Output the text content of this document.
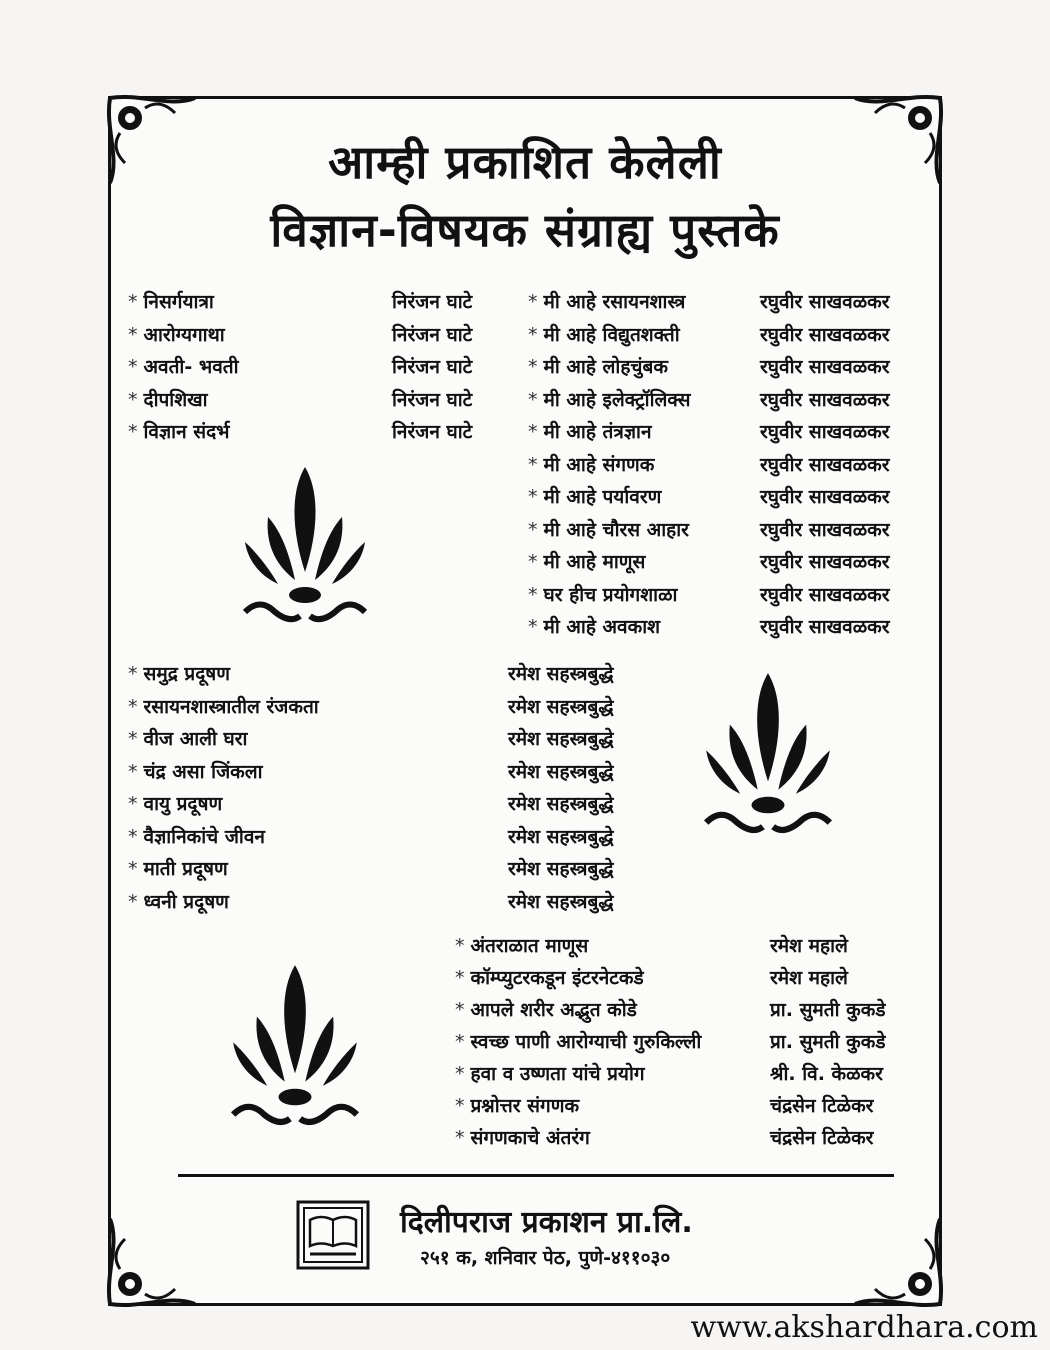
आम्ही प्रकाशित केलेली
विज्ञान-विषयक संग्राह्य पुस्तके
* निसर्गयात्रा	निरंजन घाटे
* आरोग्यगाथा	निरंजन घाटे
* अवती- भवती	निरंजन घाटे
* दीपशिखा	निरंजन घाटे
* विज्ञान संदर्भ	निरंजन घाटे
* मी आहे रसायनशास्त्र	रघुवीर साखवळकर
* मी आहे विद्युतशक्ती	रघुवीर साखवळकर
* मी आहे लोहचुंबक	रघुवीर साखवळकर
* मी आहे इलेक्ट्रॉलिक्स	रघुवीर साखवळकर
* मी आहे तंत्रज्ञान	रघुवीर साखवळकर
* मी आहे संगणक	रघुवीर साखवळकर
* मी आहे पर्यावरण	रघुवीर साखवळकर
* मी आहे चौरस आहार	रघुवीर साखवळकर
* मी आहे माणूस	रघुवीर साखवळकर
* घर हीच प्रयोगशाळा	रघुवीर साखवळकर
* मी आहे अवकाश	रघुवीर साखवळकर
* समुद्र प्रदूषण	रमेश सहस्त्रबुद्धे
* रसायनशास्त्रातील रंजकता	रमेश सहस्त्रबुद्धे
* वीज आली घरा	रमेश सहस्त्रबुद्धे
* चंद्र असा जिंकला	रमेश सहस्त्रबुद्धे
* वायु प्रदूषण	रमेश सहस्त्रबुद्धे
* वैज्ञानिकांचे जीवन	रमेश सहस्त्रबुद्धे
* माती प्रदूषण	रमेश सहस्त्रबुद्धे
* ध्वनी प्रदूषण	रमेश सहस्त्रबुद्धे
* अंतराळात माणूस	रमेश महाले
* कॉम्प्युटरकडून इंटरनेटकडे	रमेश महाले
* आपले शरीर अद्भुत कोडे	प्रा. सुमती कुकडे
* स्वच्छ पाणी आरोग्याची गुरुकिल्ली	प्रा. सुमती कुकडे
* हवा व उष्णता यांचे प्रयोग	श्री. वि. केळकर
* प्रश्नोत्तर संगणक	चंद्रसेन टिळेकर
* संगणकाचे अंतरंग	चंद्रसेन टिळेकर
दिलीपराज प्रकाशन प्रा.लि.
२५१ क, शनिवार पेठ, पुणे-४११०३०
www.akshardhara.com
